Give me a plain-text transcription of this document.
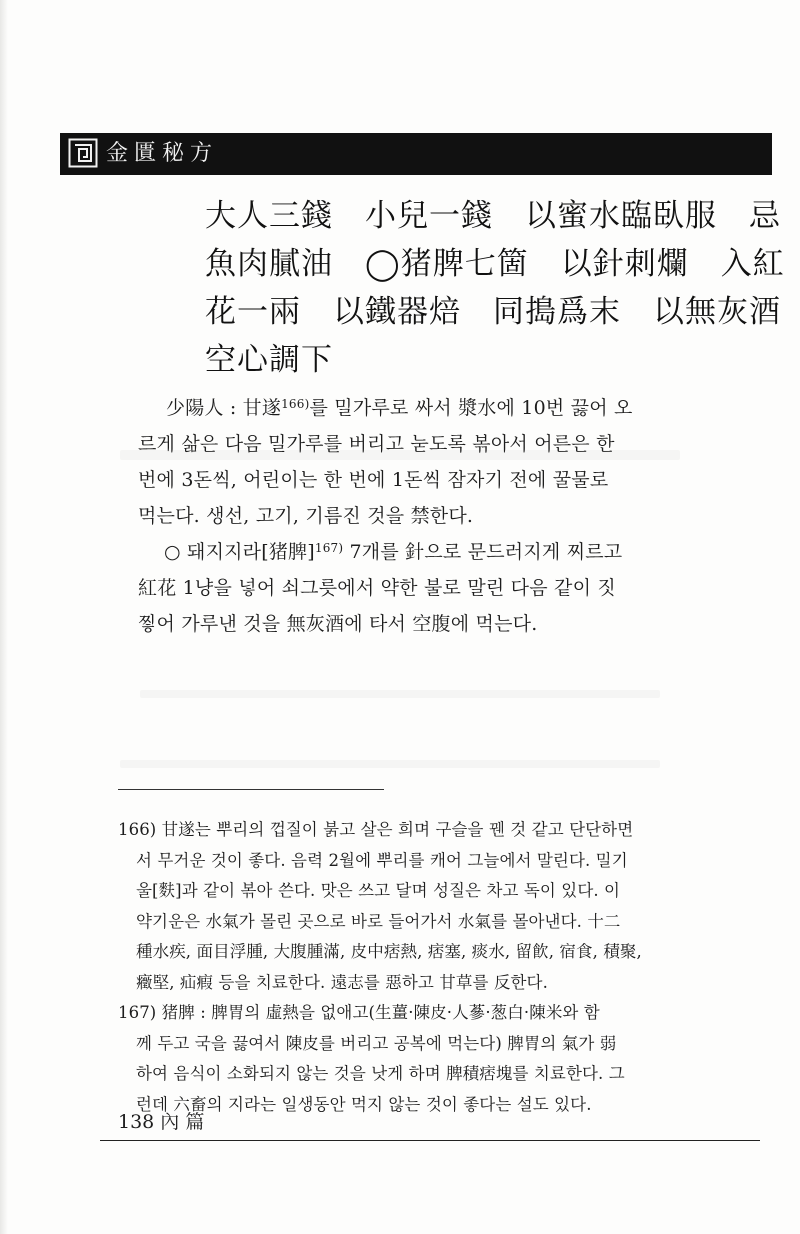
金匱秘方
大人三錢　小兒一錢　以蜜水臨臥服　忌
魚肉膩油　◯猪脾七箇　以針刺爛　入紅
花一兩　以鐵器焙　同搗爲末　以無灰酒
空心調下
少陽人 : 甘遂$^{166)}$를 밀가루로 싸서 漿水에 10번 끓어 오
르게 삶은 다음 밀가루를 버리고 눋도록 볶아서 어른은 한
번에 3돈씩, 어린이는 한 번에 1돈씩 잠자기 전에 꿀물로
먹는다. 생선, 고기, 기름진 것을 禁한다.
○ 돼지지라[猪脾]$^{167)}$ 7개를 針으로 문드러지게 찌르고
紅花 1냥을 넣어 쇠그릇에서 약한 불로 말린 다음 같이 짓
찧어 가루낸 것을 無灰酒에 타서 空腹에 먹는다.
166) 甘遂는 뿌리의 껍질이 붉고 살은 희며 구슬을 꿴 것 같고 단단하면
서 무거운 것이 좋다. 음력 2월에 뿌리를 캐어 그늘에서 말린다. 밀기
울[麩]과 같이 볶아 쓴다. 맛은 쓰고 달며 성질은 차고 독이 있다. 이
약기운은 水氣가 몰린 곳으로 바로 들어가서 水氣를 몰아낸다. 十二
種水疾, 面目浮腫, 大腹腫滿, 皮中痞熱, 痞塞, 痰水, 留飮, 宿食, 積聚,
癥堅, 疝瘕 등을 치료한다. 遠志를 惡하고 甘草를 反한다.
167) 猪脾 : 脾胃의 虛熱을 없애고(生薑·陳皮·人蔘·葱白·陳米와 함
께 두고 국을 끓여서 陳皮를 버리고 공복에 먹는다) 脾胃의 氣가 弱
하여 음식이 소화되지 않는 것을 낫게 하며 脾積痞塊를 치료한다. 그
런데 六畜의 지라는 일생동안 먹지 않는 것이 좋다는 설도 있다.
138 內 篇
